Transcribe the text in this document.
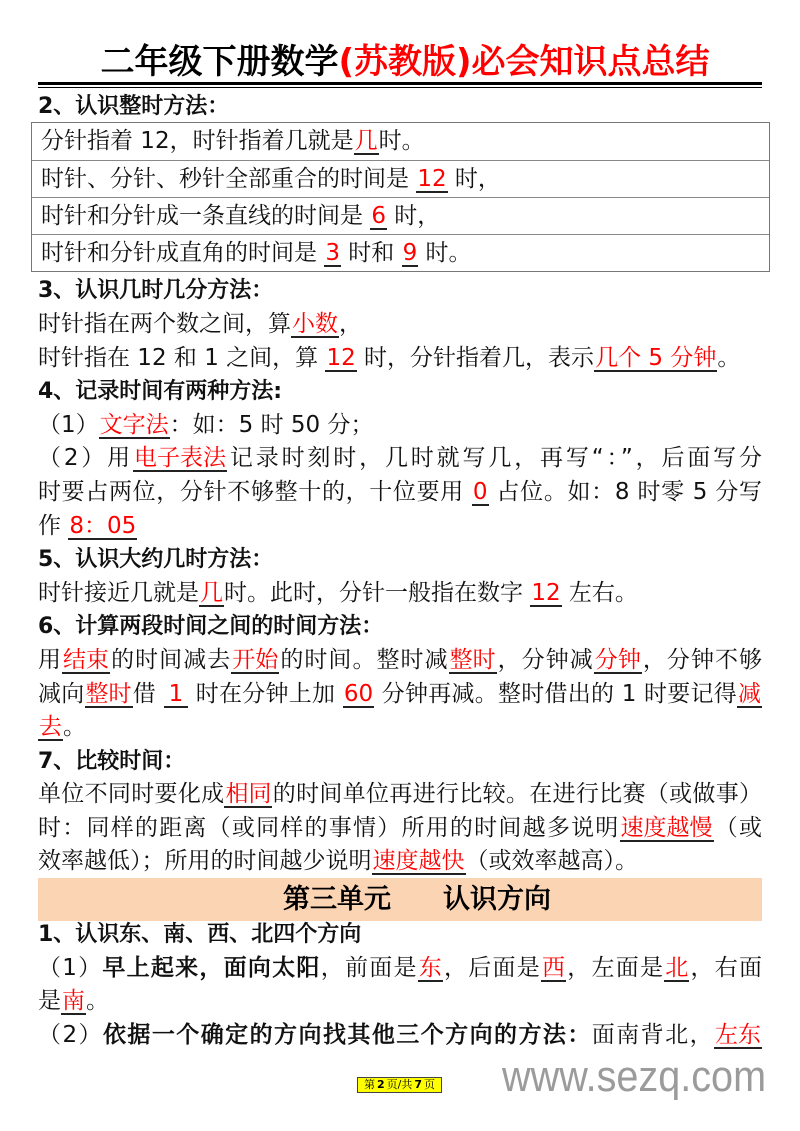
二年级下册数学(苏教版)必会知识点总结
2、认识整时方法：
分针指着 12，时针指着几就是几时。
时针、分针、秒针全部重合的时间是 12 时，
时针和分针成一条直线的时间是 6 时，
时针和分针成直角的时间是 3 时和 9 时。
3、认识几时几分方法：
时针指在两个数之间，算小数，
时针指在 12 和 1 之间，算 12 时，分针指着几，表示几个 5 分钟。
4、记录时间有两种方法:
（1）文字法：如：5 时 50 分；
（2）用电子表法记录时刻时，几时就写几，再写“：”，后面写分
时要占两位，分针不够整十的，十位要用 0 占位。如：8 时零 5 分写
作 8：05
5、认识大约几时方法：
时针接近几就是几时。此时，分针一般指在数字 12 左右。
6、计算两段时间之间的时间方法：
用结束的时间减去开始的时间。整时减整时，分钟减分钟，分钟不够
减向整时借 1 时在分钟上加 60 分钟再减。整时借出的 1 时要记得减
去。
7、比较时间：
单位不同时要化成相同的时间单位再进行比较。在进行比赛（或做事）
时：同样的距离（或同样的事情）所用的时间越多说明速度越慢（或
效率越低）；所用的时间越少说明速度越快（或效率越高）。
第三单元 认识方向
1、认识东、南、西、北四个方向
（1）早上起来，面向太阳，前面是东，后面是西，左面是北，右面
是南。
（2）依据一个确定的方向找其他三个方向的方法：面南背北，左东
第 2 页/共 7 页 www.sezq.com
